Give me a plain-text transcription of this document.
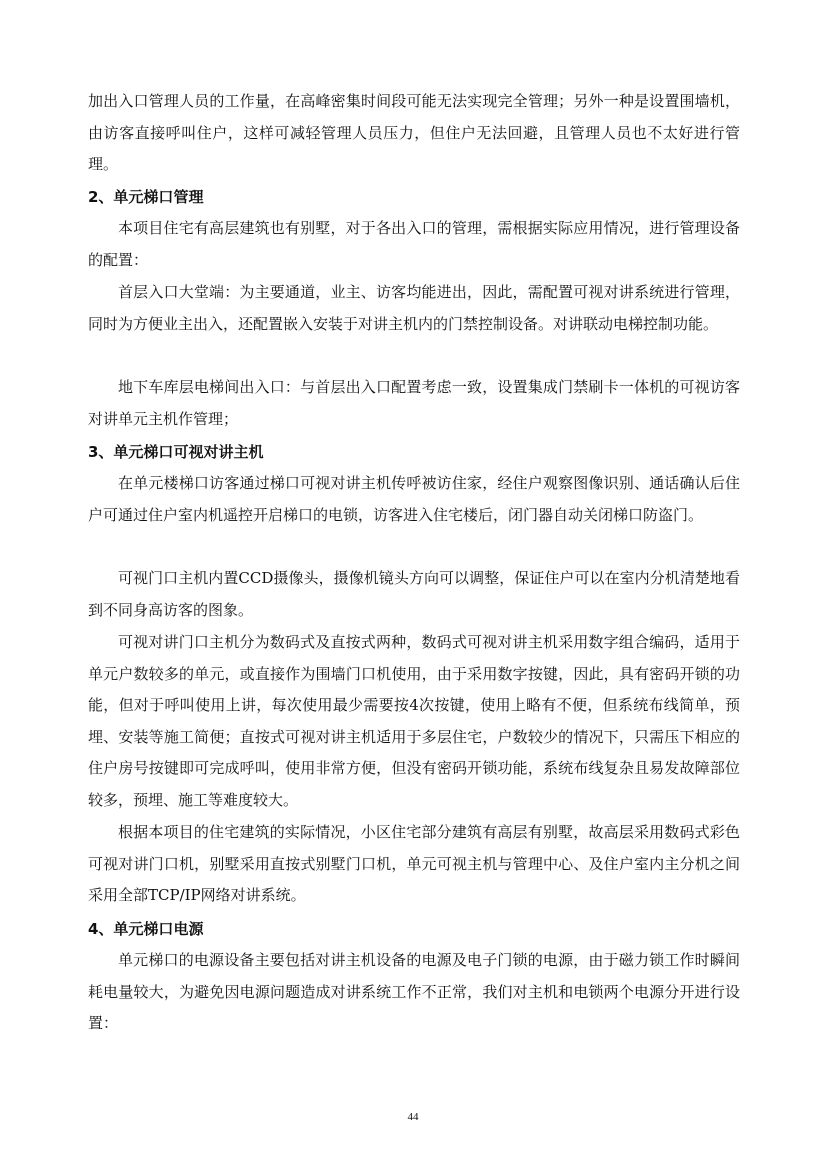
加出入口管理人员的工作量，在高峰密集时间段可能无法实现完全管理；另外一种是设置围墙机，由访客直接呼叫住户，这样可减轻管理人员压力，但住户无法回避，且管理人员也不太好进行管理。

2、单元梯口管理

本项目住宅有高层建筑也有别墅，对于各出入口的管理，需根据实际应用情况，进行管理设备的配置：

首层入口大堂端：为主要通道，业主、访客均能进出，因此，需配置可视对讲系统进行管理，同时为方便业主出入，还配置嵌入安装于对讲主机内的门禁控制设备。对讲联动电梯控制功能。

地下车库层电梯间出入口：与首层出入口配置考虑一致，设置集成门禁刷卡一体机的可视访客对讲单元主机作管理；

3、单元梯口可视对讲主机

在单元楼梯口访客通过梯口可视对讲主机传呼被访住家，经住户观察图像识别、通话确认后住户可通过住户室内机遥控开启梯口的电锁，访客进入住宅楼后，闭门器自动关闭梯口防盗门。

可视门口主机内置CCD摄像头，摄像机镜头方向可以调整，保证住户可以在室内分机清楚地看到不同身高访客的图象。

可视对讲门口主机分为数码式及直按式两种，数码式可视对讲主机采用数字组合编码，适用于单元户数较多的单元，或直接作为围墙门口机使用，由于采用数字按键，因此，具有密码开锁的功能，但对于呼叫使用上讲，每次使用最少需要按4次按键，使用上略有不便，但系统布线简单，预埋、安装等施工简便；直按式可视对讲主机适用于多层住宅，户数较少的情况下，只需压下相应的住户房号按键即可完成呼叫，使用非常方便，但没有密码开锁功能，系统布线复杂且易发故障部位较多，预埋、施工等难度较大。

根据本项目的住宅建筑的实际情况，小区住宅部分建筑有高层有别墅，故高层采用数码式彩色可视对讲门口机，别墅采用直按式别墅门口机，单元可视主机与管理中心、及住户室内主分机之间采用全部TCP/IP网络对讲系统。

4、单元梯口电源

单元梯口的电源设备主要包括对讲主机设备的电源及电子门锁的电源，由于磁力锁工作时瞬间耗电量较大，为避免因电源问题造成对讲系统工作不正常，我们对主机和电锁两个电源分开进行设置：

44
